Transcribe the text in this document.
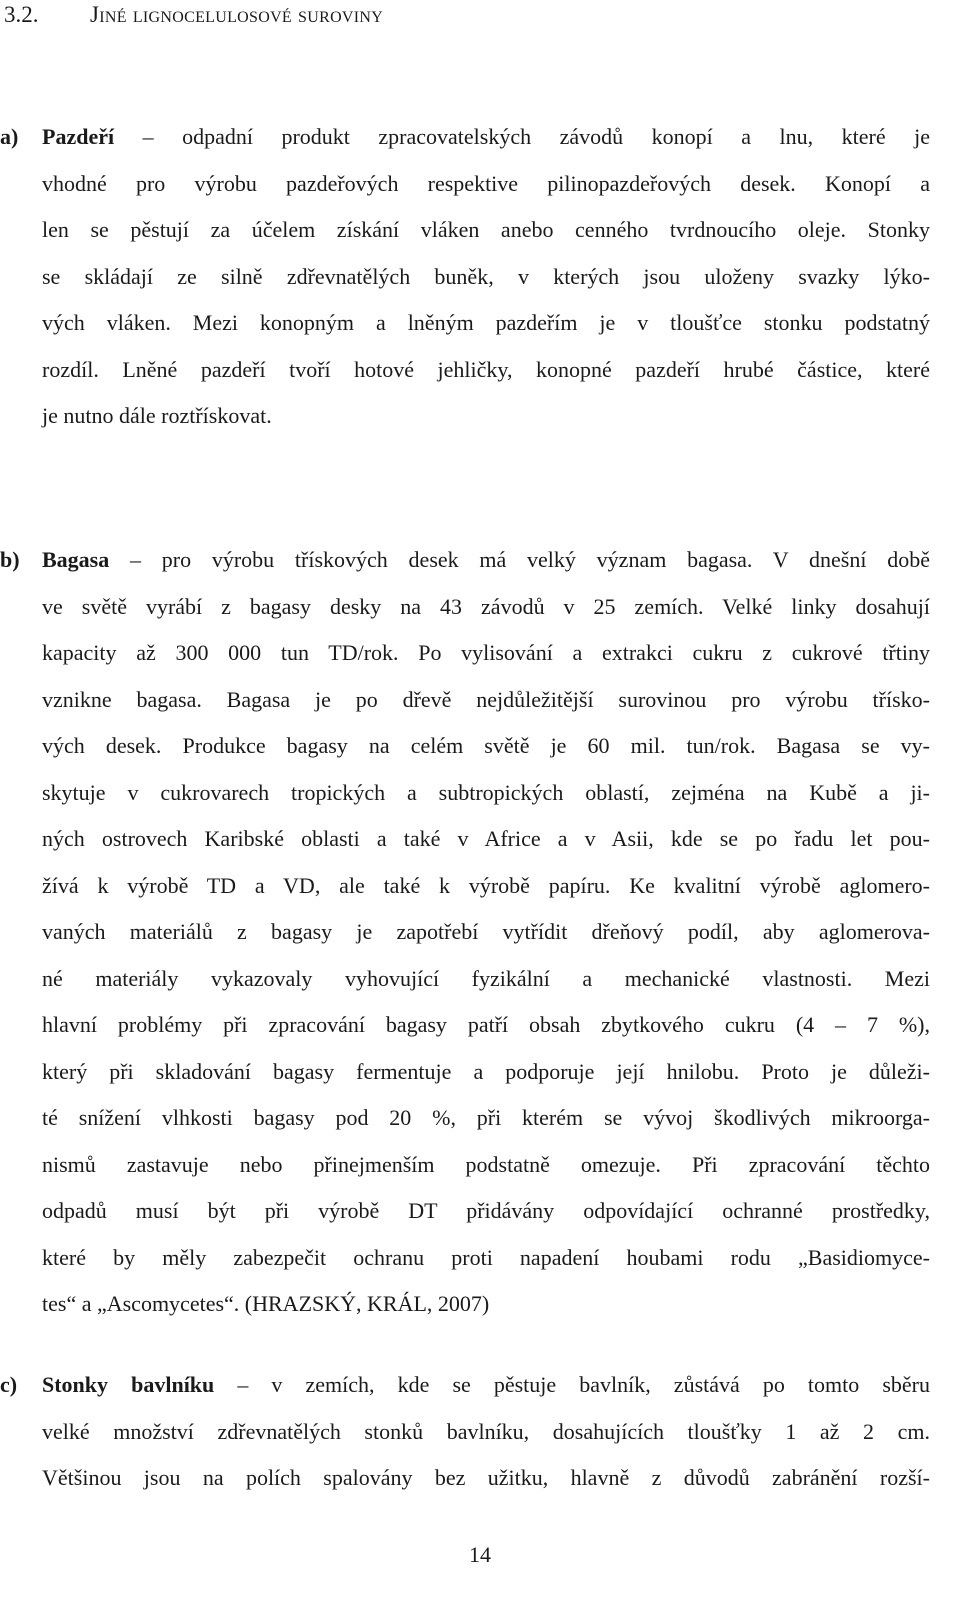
3.2. Jiné lignocelulosové suroviny
a)	Pazdeří – odpadní produkt zpracovatelských závodů konopí a lnu, které je
vhodné pro výrobu pazdeřových respektive pilinopazdeřových desek. Konopí a
len se pěstují za účelem získání vláken anebo cenného tvrdnoucího oleje. Stonky
se skládají ze silně zdřevnatělých buněk, v kterých jsou uloženy svazky lýko-
vých vláken. Mezi konopným a lněným pazdeřím je v tloušťce stonku podstatný
rozdíl. Lněné pazdeří tvoří hotové jehličky, konopné pazdeří hrubé částice, které
je nutno dále roztřískovat.
b)	Bagasa – pro výrobu třískových desek má velký význam bagasa. V dnešní době
ve světě vyrábí z bagasy desky na 43 závodů v 25 zemích. Velké linky dosahují
kapacity až 300 000 tun TD/rok. Po vylisování a extrakci cukru z cukrové třtiny
vznikne bagasa. Bagasa je po dřevě nejdůležitější surovinou pro výrobu třísko-
vých desek. Produkce bagasy na celém světě je 60 mil. tun/rok. Bagasa se vy-
skytuje v cukrovarech tropických a subtropických oblastí, zejména na Kubě a ji-
ných ostrovech Karibské oblasti a také v Africe a v Asii, kde se po řadu let pou-
žívá k výrobě TD a VD, ale také k výrobě papíru. Ke kvalitní výrobě aglomero-
vaných materiálů z bagasy je zapotřebí vytřídit dřeňový podíl, aby aglomerova-
né materiály vykazovaly vyhovující fyzikální a mechanické vlastnosti. Mezi
hlavní problémy při zpracování bagasy patří obsah zbytkového cukru (4 – 7 %),
který při skladování bagasy fermentuje a podporuje její hnilobu. Proto je důleži-
té snížení vlhkosti bagasy pod 20 %, při kterém se vývoj škodlivých mikroorga-
nismů zastavuje nebo přinejmenším podstatně omezuje. Při zpracování těchto
odpadů musí být při výrobě DT přidávány odpovídající ochranné prostředky,
které by měly zabezpečit ochranu proti napadení houbami rodu „Basidiomyce-
tes“ a „Ascomycetes“. (HRAZSKÝ, KRÁL, 2007)
c)	Stonky bavlníku – v zemích, kde se pěstuje bavlník, zůstává po tomto sběru
velké množství zdřevnatělých stonků bavlníku, dosahujících tloušťky 1 až 2 cm.
Většinou jsou na polích spalovány bez užitku, hlavně z důvodů zabránění rozší-
14
